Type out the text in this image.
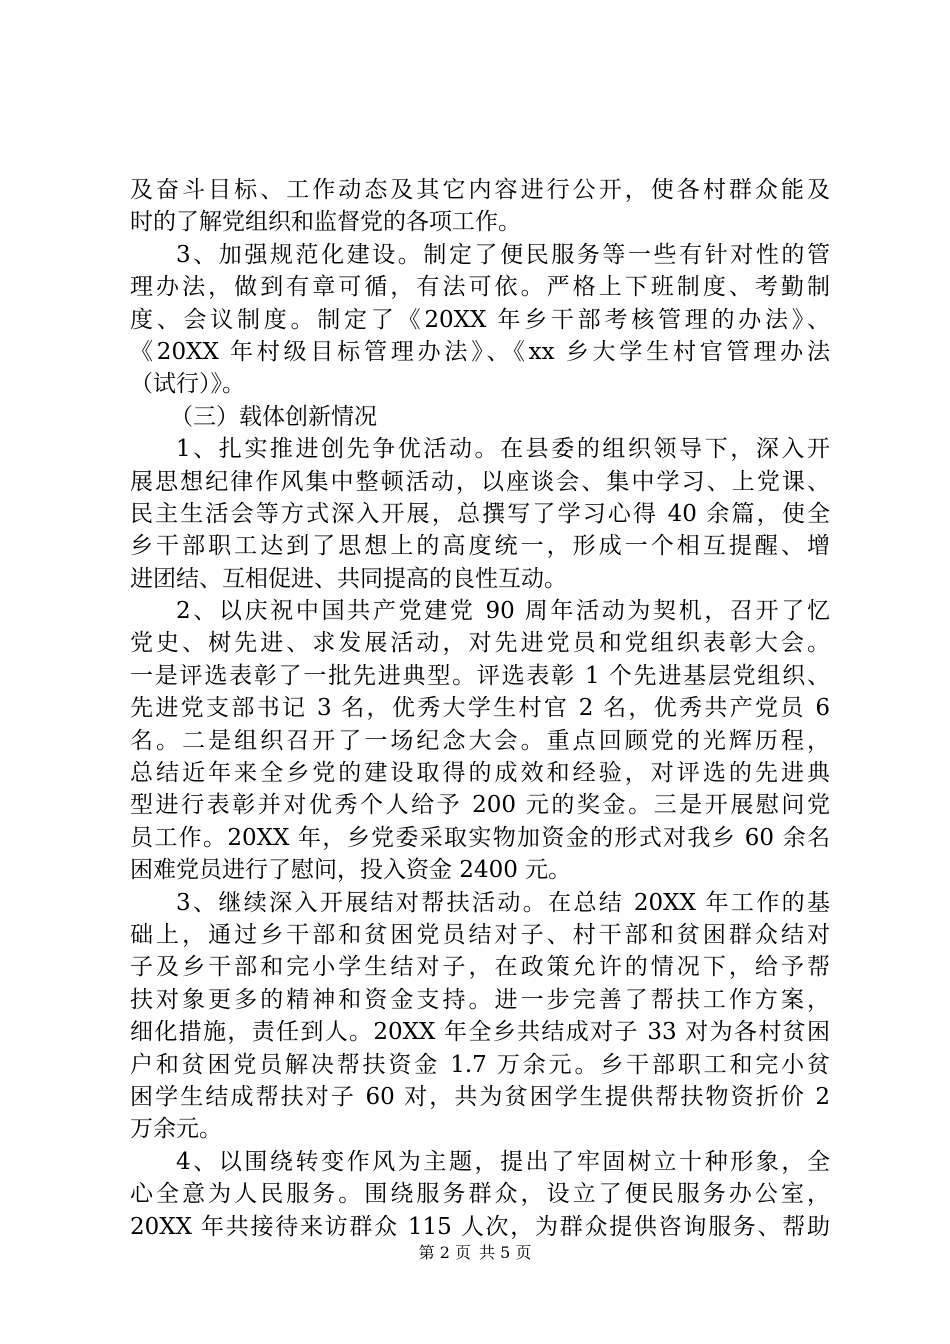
及奋斗目标、工作动态及其它内容进行公开，使各村群众能及
时的了解党组织和监督党的各项工作。
3、加强规范化建设。制定了便民服务等一些有针对性的管
理办法，做到有章可循，有法可依。严格上下班制度、考勤制
度、会议制度。制定了《20XX 年乡干部考核管理的办法》、
《20XX 年村级目标管理办法》、《xx 乡大学生村官管理办法
（试行）》。
（三）载体创新情况
1、扎实推进创先争优活动。在县委的组织领导下，深入开
展思想纪律作风集中整顿活动，以座谈会、集中学习、上党课、
民主生活会等方式深入开展，总撰写了学习心得 40 余篇，使全
乡干部职工达到了思想上的高度统一，形成一个相互提醒、增
进团结、互相促进、共同提高的良性互动。
2、以庆祝中国共产党建党 90 周年活动为契机，召开了忆
党史、树先进、求发展活动，对先进党员和党组织表彰大会。
一是评选表彰了一批先进典型。评选表彰 1 个先进基层党组织、
先进党支部书记 3 名，优秀大学生村官 2 名，优秀共产党员 6
名。二是组织召开了一场纪念大会。重点回顾党的光辉历程，
总结近年来全乡党的建设取得的成效和经验，对评选的先进典
型进行表彰并对优秀个人给予 200 元的奖金。三是开展慰问党
员工作。20XX 年，乡党委采取实物加资金的形式对我乡 60 余名
困难党员进行了慰问，投入资金 2400 元。
3、继续深入开展结对帮扶活动。在总结 20XX 年工作的基
础上，通过乡干部和贫困党员结对子、村干部和贫困群众结对
子及乡干部和完小学生结对子，在政策允许的情况下，给予帮
扶对象更多的精神和资金支持。进一步完善了帮扶工作方案，
细化措施，责任到人。20XX 年全乡共结成对子 33 对为各村贫困
户和贫困党员解决帮扶资金 1.7 万余元。乡干部职工和完小贫
困学生结成帮扶对子 60 对，共为贫困学生提供帮扶物资折价 2
万余元。
4、以围绕转变作风为主题，提出了牢固树立十种形象，全
心全意为人民服务。围绕服务群众，设立了便民服务办公室，
20XX 年共接待来访群众 115 人次，为群众提供咨询服务、帮助
第 2 页 共 5 页
